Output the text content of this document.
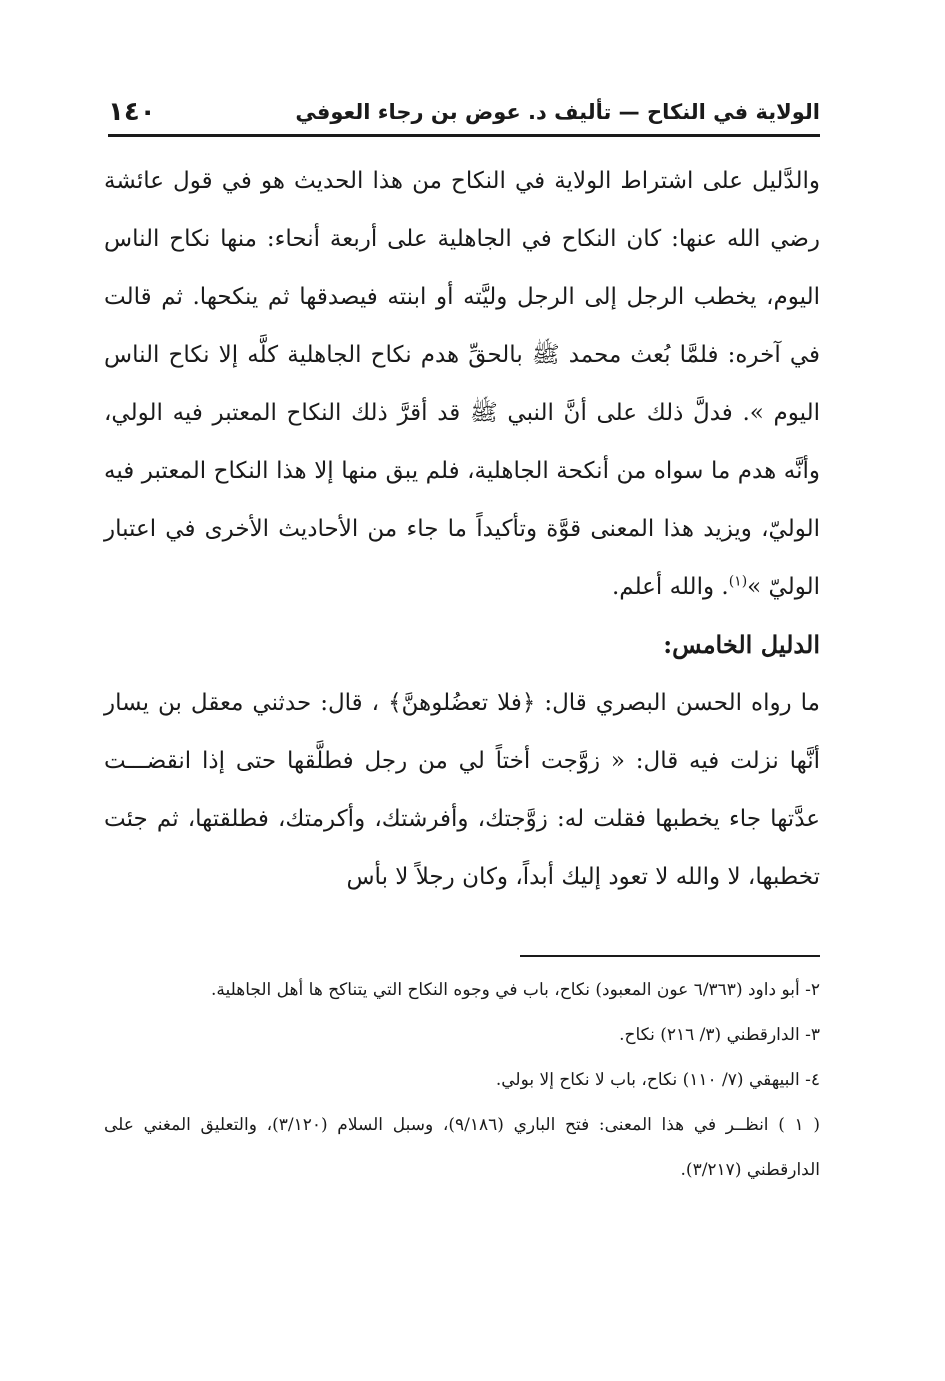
الولاية في النكاح — تأليف د. عوض بن رجاء العوفي
١٤٠

والدَّليل على اشتراط الولاية في النكاح من هذا الحديث هو في قول عائشة رضي الله عنها: كان النكاح في الجاهلية على أربعة أنحاء: منها نكاح الناس اليوم، يخطب الرجل إلى الرجل وليَّته أو ابنته فيصدقها ثم ينكحها. ثم قالت في آخره: فلمَّا بُعث محمد ﷺ بالحقِّ هدم نكاح الجاهلية كلَّه إلا نكاح الناس اليوم ». فدلَّ ذلك على أنَّ النبي ﷺ قد أقرَّ ذلك النكاح المعتبر فيه الولي، وأنَّه هدم ما سواه من أنكحة الجاهلية، فلم يبق منها إلا هذا النكاح المعتبر فيه الوليّ، ويزيد هذا المعنى قوَّة وتأكيداً ما جاء من الأحاديث الأخرى في اعتبار الوليّ »$^{(١)}$. والله أعلم.

الدليل الخامس:

ما رواه الحسن البصري قال: ﴿فلا تعضُلوهنَّ﴾ ، قال: حدثني معقل بن يسار أنَّها نزلت فيه قال: « زوَّجت أختاً لي من رجل فطلَّقها حتى إذا انقضـــت عدَّتها جاء يخطبها فقلت له: زوَّجتك، وأفرشتك، وأكرمتك، فطلقتها، ثم جئت تخطبها، لا والله لا تعود إليك أبداً، وكان رجلاً لا بأس

٢- أبو داود (٦/٣٦٣ عون المعبود) نكاح، باب في وجوه النكاح التي يتناكح ها أهل الجاهلية.

٣- الدارقطني (٣/ ٢١٦) نكاح.

٤- البيهقي (٧/ ١١٠) نكاح، باب لا نكاح إلا بولي.

( ١ ) انظــر في هذا المعنى: فتح الباري (٩/١٨٦)، وسبل السلام (٣/١٢٠)، والتعليق المغني على الدارقطني (٣/٢١٧).
